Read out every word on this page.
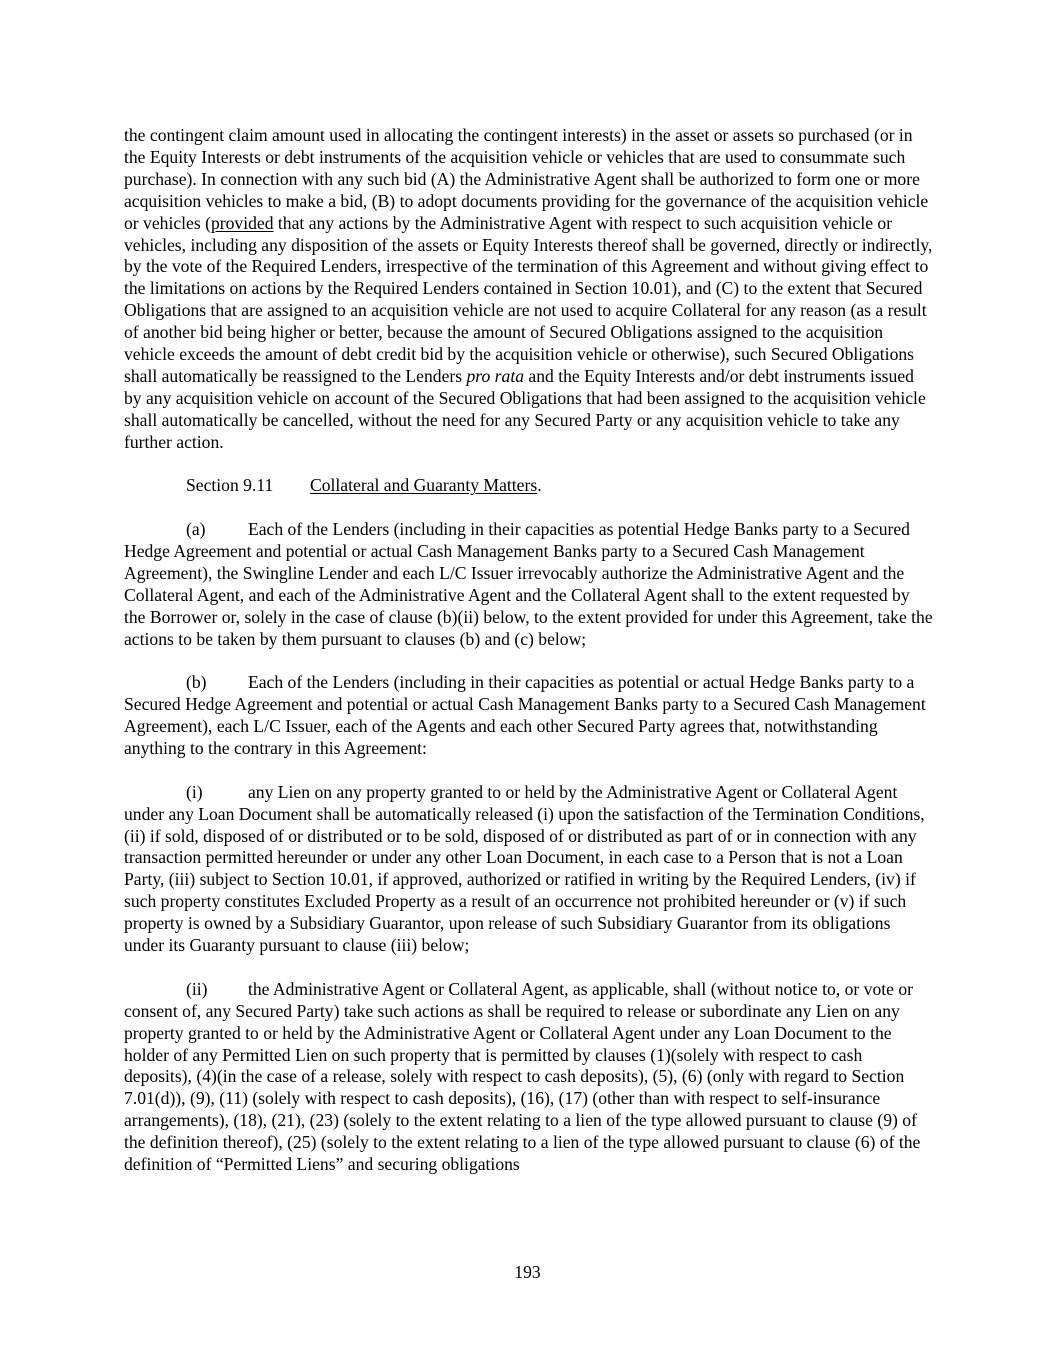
the contingent claim amount used in allocating the contingent interests) in the asset or assets so purchased (or in the Equity Interests or debt instruments of the acquisition vehicle or vehicles that are used to consummate such purchase). In connection with any such bid (A) the Administrative Agent shall be authorized to form one or more acquisition vehicles to make a bid, (B) to adopt documents providing for the governance of the acquisition vehicle or vehicles (provided that any actions by the Administrative Agent with respect to such acquisition vehicle or vehicles, including any disposition of the assets or Equity Interests thereof shall be governed, directly or indirectly, by the vote of the Required Lenders, irrespective of the termination of this Agreement and without giving effect to the limitations on actions by the Required Lenders contained in Section 10.01), and (C) to the extent that Secured Obligations that are assigned to an acquisition vehicle are not used to acquire Collateral for any reason (as a result of another bid being higher or better, because the amount of Secured Obligations assigned to the acquisition vehicle exceeds the amount of debt credit bid by the acquisition vehicle or otherwise), such Secured Obligations shall automatically be reassigned to the Lenders pro rata and the Equity Interests and/or debt instruments issued by any acquisition vehicle on account of the Secured Obligations that had been assigned to the acquisition vehicle shall automatically be cancelled, without the need for any Secured Party or any acquisition vehicle to take any further action.

Section 9.11 Collateral and Guaranty Matters.

(a) Each of the Lenders (including in their capacities as potential Hedge Banks party to a Secured Hedge Agreement and potential or actual Cash Management Banks party to a Secured Cash Management Agreement), the Swingline Lender and each L/C Issuer irrevocably authorize the Administrative Agent and the Collateral Agent, and each of the Administrative Agent and the Collateral Agent shall to the extent requested by the Borrower or, solely in the case of clause (b)(ii) below, to the extent provided for under this Agreement, take the actions to be taken by them pursuant to clauses (b) and (c) below;

(b) Each of the Lenders (including in their capacities as potential or actual Hedge Banks party to a Secured Hedge Agreement and potential or actual Cash Management Banks party to a Secured Cash Management Agreement), each L/C Issuer, each of the Agents and each other Secured Party agrees that, notwithstanding anything to the contrary in this Agreement:

(i)	any Lien on any property granted to or held by the Administrative Agent or Collateral Agent under any Loan Document shall be automatically released (i) upon the satisfaction of the Termination Conditions, (ii) if sold, disposed of or distributed or to be sold, disposed of or distributed as part of or in connection with any transaction permitted hereunder or under any other Loan Document, in each case to a Person that is not a Loan Party, (iii) subject to Section 10.01, if approved, authorized or ratified in writing by the Required Lenders, (iv) if such property constitutes Excluded Property as a result of an occurrence not prohibited hereunder or (v) if such property is owned by a Subsidiary Guarantor, upon release of such Subsidiary Guarantor from its obligations under its Guaranty pursuant to clause (iii) below;

(ii) the Administrative Agent or Collateral Agent, as applicable, shall (without notice to, or vote or consent of, any Secured Party) take such actions as shall be required to release or subordinate any Lien on any property granted to or held by the Administrative Agent or Collateral Agent under any Loan Document to the holder of any Permitted Lien on such property that is permitted by clauses (1)(solely with respect to cash deposits), (4)(in the case of a release, solely with respect to cash deposits), (5), (6) (only with regard to Section 7.01(d)), (9), (11) (solely with respect to cash deposits), (16), (17) (other than with respect to self-insurance arrangements), (18), (21), (23) (solely to the extent relating to a lien of the type allowed pursuant to clause (9) of the definition thereof), (25) (solely to the extent relating to a lien of the type allowed pursuant to clause (6) of the definition of “Permitted Liens” and securing obligations

193
